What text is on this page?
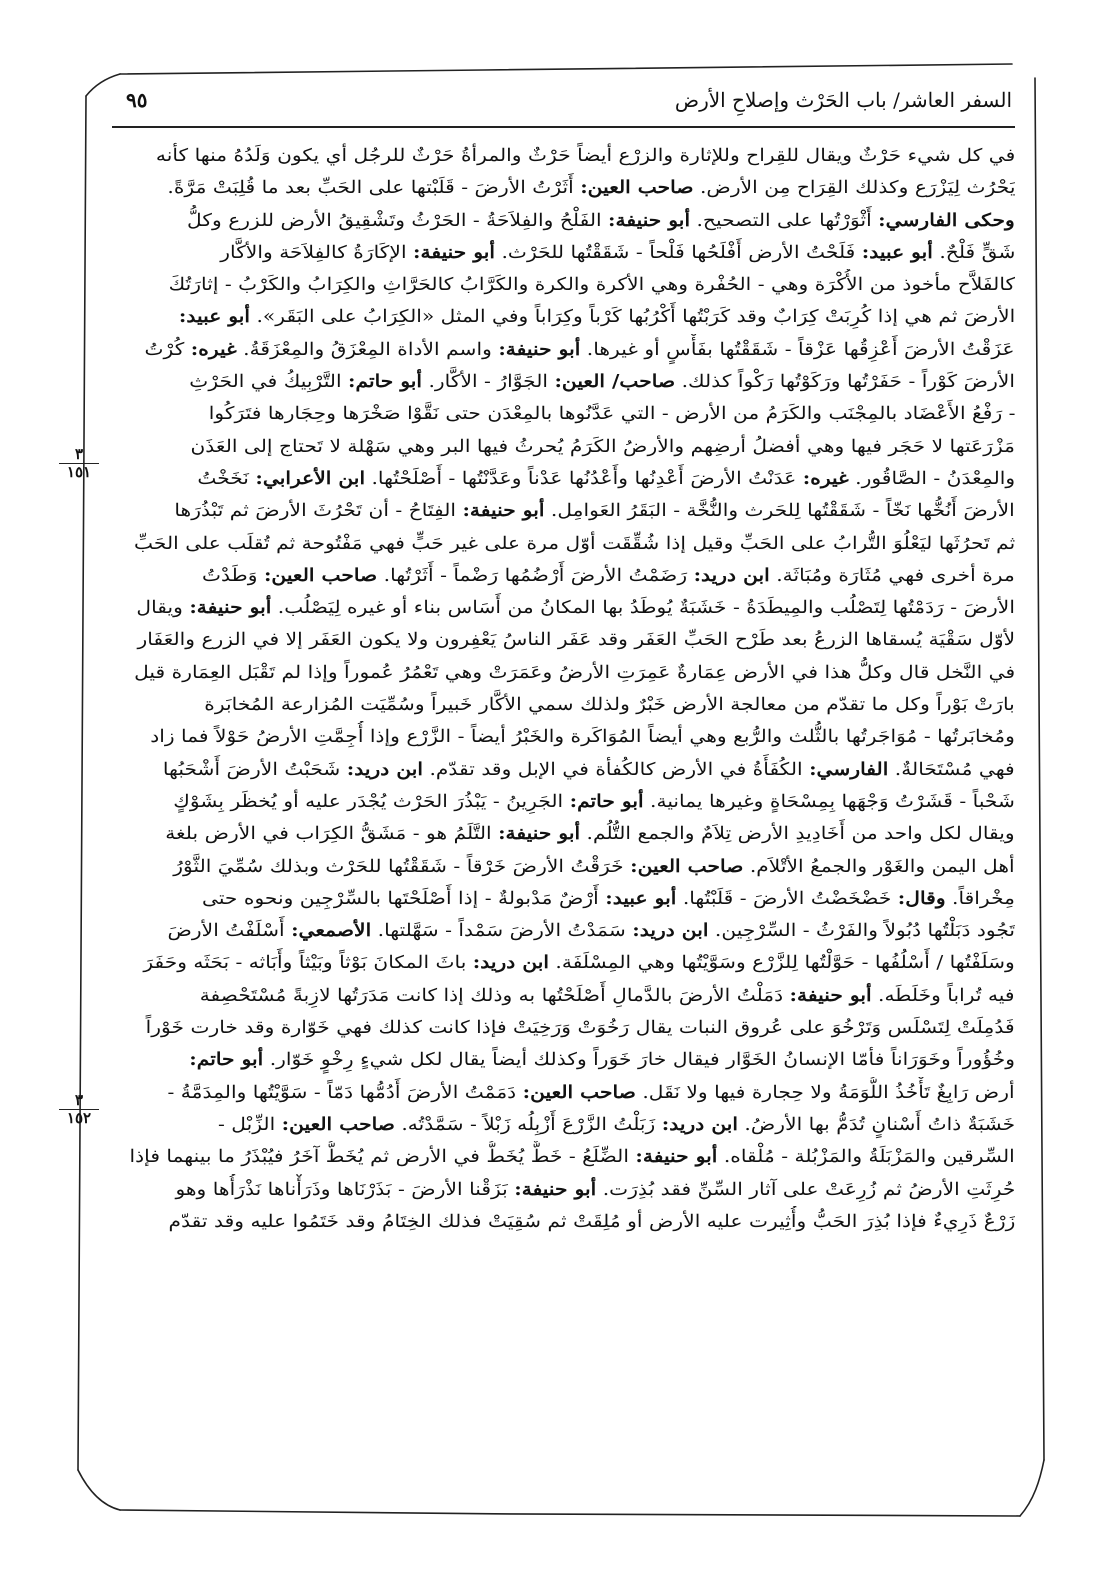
السفر العاشر/ باب الحَرْث وإصلاحِ الأرض
٩٥
٣
١٥١
٣
١٥٢
في كل شيء حَرْثٌ ويقال للقِراح وللإثارة والزرْع أيضاً حَرْثٌ والمرأةُ حَرْثٌ للرجُل أي يكون وَلَدُهُ منها كأنه
يَحْرُث لِيَزْرَع وكذلك القِرَاح مِن الأرض. صاحب العين: أَثَرْتُ الأرضَ - قَلَبْتها على الحَبِّ بعد ما قُلِبَتْ مَرَّةً.
وحكى الفارسي: أَثْوَرْتُها على التصحيح. أبو حنيفة: الفَلْحُ والفِلاَحَةُ - الحَرْثُ وتَشْقِيقُ الأرض للزرع وكلُّ
شَقٍّ فَلْحٌ. أبو عبيد: فَلَحْتُ الأرض أَفْلَحُها فَلْحاً - شَقَقْتُها للحَرْث. أبو حنيفة: الإكَارَةُ كالفِلاَحَة والأكَّار
كالفَلاَّح مأخوذ من الأُكْرَة وهي - الحُفْرة وهي الأكرة والكرة والكَرَّابُ كالحَرَّاثِ والكِرَابُ والكَرْبُ - إثارَتُكَ
الأرضَ ثم هي إذا كُرِبَتْ كِرَابٌ وقد كَرَبْتُها أَكْرُبُها كَرْباً وكِرَاباً وفي المثل «الكِرَابُ على البَقَر». أبو عبيد:
عَزَقْتُ الأرضَ أَعْزِقُها عَزْقاً - شَقَقْتُها بفَأْسٍ أو غيرها. أبو حنيفة: واسم الأداة المِعْزَقُ والمِعْزَقَةُ. غيره: كُرْتُ
الأرضَ كَوْراً - حَفَرْتُها ورَكَوْتُها رَكْواً كذلك. صاحب/ العين: الجَوَّارُ - الأكَّار. أبو حاتم: التَّرْبِيكُ في الحَرْثِ
- رَفْعُ الأَعْضَاد بالمِجْنَب والكَرَمُ من الأرض - التي عَدَّنُوها بالمِعْدَن حتى نَقَّوْا صَخْرَها وحِجَارها فتَرَكُوا
مَزْرَعَتها لا حَجَر فيها وهي أفضلُ أرضِهم والأرضُ الكَرَمُ يُحرثُ فيها البر وهي سَهْلة لا تَحتاج إلى العَذَن
والمِعْدَنُ - الصَّاقُور. غيره: عَدَنْتُ الأرضَ أَعْدِنُها وأَعْدُنُها عَدْناً وعَدَّنْتُها - أَصْلَحْتُها. ابن الأعرابي: نَخَخْتُ
الأرضَ أَنُخُّها نَخّاً - شَقَقْتُها لِلحَرث والنُّخَّة - البَقَرُ العَوامِل. أبو حنيفة: الفِتَاحُ - أن تَحْرُثَ الأرضَ ثم تَبْذُرَها
ثم تَحرُثَها ليَعْلُوَ التُّرابُ على الحَبِّ وقيل إذا شُقِّقَت أوّل مرة على غير حَبٍّ فهي مَفْتُوحة ثم تُقلَب على الحَبِّ
مرة أخرى فهي مُثَارَة ومُبَاثَة. ابن دريد: رَضَمْتُ الأرضَ أَرْضُمُها رَضْماً - أَثَرْتُها. صاحب العين: وَطَدْتُ
الأرضَ - رَدَمْتُها لِتَصْلُب والمِيطَدَةُ - خَشَبَةٌ يُوطَدُ بها المكانُ من أَسَاس بناء أو غيره لِيَصْلُب. أبو حنيفة: ويقال
لأوّل سَقْيَة يُسقاها الزرعُ بعد طَرْح الحَبِّ العَفَر وقد عَفَر الناسُ يَعْفِرون ولا يكون العَفَر إلا في الزرع والعَفَار
في النَّخل قال وكلُّ هذا في الأرض عِمَارةٌ عَمِرَتِ الأرضُ وعَمَرَتْ وهي تَعْمُرُ عُموراً وإذا لم تَقْبَل العِمَارة قيل
بارَتْ بَوْراً وكل ما تقدّم من معالجة الأرض خَبْرٌ ولذلك سمي الأكَّار خَبيراً وسُمِّيَت المُزارعة المُخابَرة
ومُخابَرتُها - مُوَاجَرتُها بالثُّلث والرُّبع وهي أيضاً المُوَاكَرة والخَبْرُ أيضاً - الزَّرْع وإذا أُجِمَّتِ الأرضُ حَوْلاً فما زاد
فهي مُسْتَحَالةٌ. الفارسي: الكُفَأَةُ في الأرض كالكُفأة في الإبل وقد تقدّم. ابن دريد: شَحَبْتُ الأرضَ أَشْحَبُها
شَحْباً - قَشَرْتُ وَجْهَها بِمِسْحَاةٍ وغيرها يمانية. أبو حاتم: الجَرِينُ - يَبْذُرَ الحَرْث يُجْدَر عليه أو يُخظَر بِشَوْكٍ
ويقال لكل واحد من أَخَادِيدِ الأرض تِلاَمٌ والجمع التُّلُم. أبو حنيفة: التَّلَمُ هو - مَشَقُّ الكِرَاب في الأرض بلغة
أهل اليمن والغَوْر والجمعُ الأتْلاَم. صاحب العين: خَرَقْتُ الأرضَ خَرْقاً - شَقَقْتُها للحَرْث وبذلك سُمِّيَ الثَّوْرُ
مِخْراقاً. وقال: خَضْخَضْتُ الأرضَ - قَلَبْتُها. أبو عبيد: أَرْضٌ مَدْبولةٌ - إذا أَصْلَحْتَها بالسِّرْجِين ونحوه حتى
تَجُود دَبَلْتُها دُبُولاً والفَرْثُ - السِّرْجِين. ابن دريد: سَمَدْتُ الأرضَ سَمْداً - سَهَّلتها. الأصمعي: أَسْلَفْتُ الأرضَ
وسَلَفْتُها / أَسْلُفُها - حَوَّلْتُها لِلزَّرْع وسَوَّيْتُها وهي المِسْلَفَة. ابن دريد: باثَ المكانَ بَوْثاً وبَيْثاً وأَبَاثه - بَحَثَه وحَفَرَ
فيه تُراباً وخَلَطَه. أبو حنيفة: دَمَلْتُ الأرضَ بالدَّمالِ أَصْلَحْتُها به وذلك إذا كانت مَدَرَتُها لازِبةً مُسْتَحْصِفة
فَدُمِلَتْ لِتَسْلَس وَتَرْخُوَ على عُروق النبات يقال رَخُوَتْ وَرَخِيَتْ فإذا كانت كذلك فهي خَوّارة وقد خارت خَوْراً
وخُؤُوراً وخَوَرَاناً فأمّا الإنسانُ الخَوَّار فيقال خارَ خَوَراً وكذلك أيضاً يقال لكل شيءٍ رِخْوٍ خَوّار. أبو حاتم:
أرض رَابِغٌ تَأْخُذُ اللُّوَمَةُ ولا حِجارة فيها ولا نَقَل. صاحب العين: دَمَمْتُ الأرضَ أَدُمُّها دَمّاً - سَوَّيْتُها والمِدَمَّةُ -
خَشَبَةٌ ذاتُ أَسْنانٍ تُدَمُّ بها الأرضُ. ابن دريد: زَبَلْتُ الزَّرْعَ أَزْبِلُه زَبْلاً - سَمَّدْتُه. صاحب العين: الزِّبْل -
السِّرقين والمَزْبَلَةُ والمَزْبُلة - مُلْقاه. أبو حنيفة: الضِّلَعُ - خَطٌّ يُخَطُّ في الأرض ثم يُخَطُّ آخَرُ فيُبْذَرُ ما بينهما فإذا
حُرِثَتِ الأرضُ ثم زُرِعَتْ على آثار السِّنِّ فقد بُذِرَت. أبو حنيفة: بَزَقْنا الأرضَ - بَذَرْنَاها وذَرَأْناها نَذْرَأُها وهو
زَرْعٌ ذَرِيءٌ فإذا بُذِرَ الحَبُّ وأُثِيرت عليه الأرض أو مُلِقَتْ ثم سُقِيَتْ فذلك الخِتَامُ وقد خَتَمُوا عليه وقد تقدّم
